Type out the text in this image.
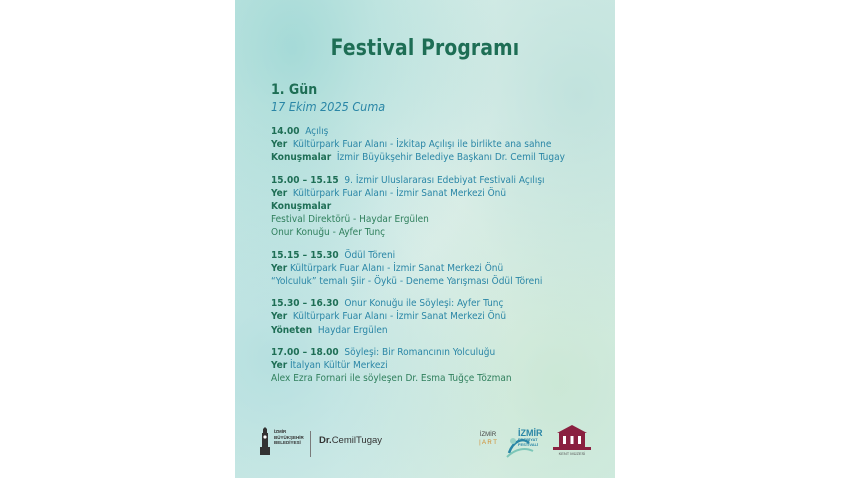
Festival Programı
1. Gün
17 Ekim 2025 Cuma
14.00 Açılış
Yer Kültürpark Fuar Alanı - İzkitap Açılışı ile birlikte ana sahne
Konuşmalar İzmir Büyükşehir Belediye Başkanı Dr. Cemil Tugay
15.00 – 15.15 9. İzmir Uluslararası Edebiyat Festivali Açılışı
Yer Kültürpark Fuar Alanı - İzmir Sanat Merkezi Önü
Konuşmalar
Festival Direktörü - Haydar Ergülen
Onur Konuğu - Ayfer Tunç
15.15 – 15.30 Ödül Töreni
Yer Kültürpark Fuar Alanı - İzmir Sanat Merkezi Önü
“Yolculuk” temalı Şiir - Öykü - Deneme Yarışması Ödül Töreni
15.30 – 16.30 Onur Konuğu ile Söyleşi: Ayfer Tunç
Yer Kültürpark Fuar Alanı - İzmir Sanat Merkezi Önü
Yöneten Haydar Ergülen
17.00 – 18.00 Söyleşi: Bir Romancının Yolculuğu
Yer İtalyan Kültür Merkezi
Alex Ezra Fornari ile söyleşen Dr. Esma Tuğçe Tözman
İZMİR
BÜYÜKŞEHİR
BELEDİYESİ	Dr.CemilTugay	İZMİR
| A R T
İZMİR
EDEBİYAT
FESTİVALİ
ACTYMMASLEER
KENT MÜZESİ
